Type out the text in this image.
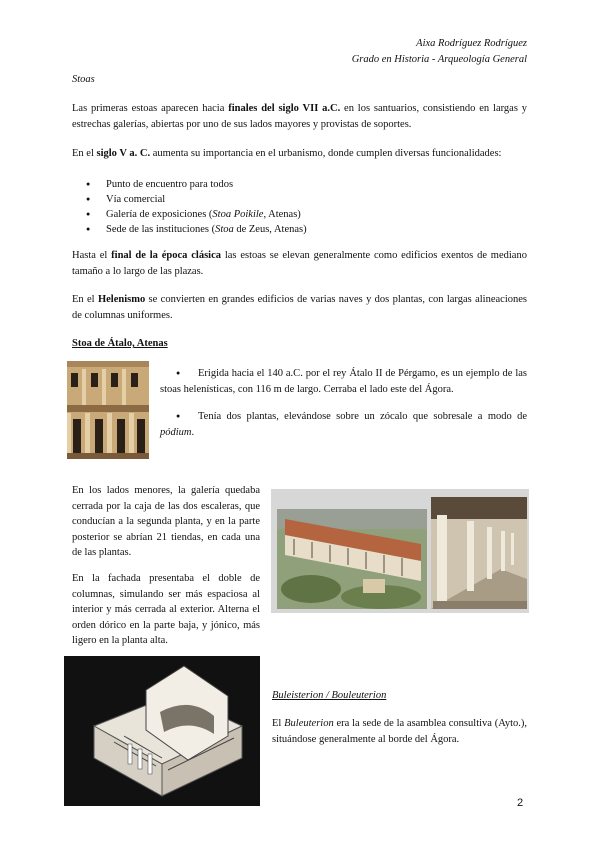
Aixa Rodríguez Rodríguez
Grado en Historia - Arqueología General
Stoas
Las primeras estoas aparecen hacia finales del siglo VII a.C. en los santuarios, consistiendo en largas y estrechas galerías, abiertas por uno de sus lados mayores y provistas de soportes.
En el siglo V a. C. aumenta su importancia en el urbanismo, donde cumplen diversas funcionalidades:
● Punto de encuentro para todos
● Vía comercial
● Galería de exposiciones (Stoa Poikile, Atenas)
● Sede de las instituciones (Stoa de Zeus, Atenas)
Hasta el final de la época clásica las estoas se elevan generalmente como edificios exentos de mediano tamaño a lo largo de las plazas.
En el Helenismo se convierten en grandes edificios de varias naves y dos plantas, con largas alineaciones de columnas uniformes.
Stoa de Átalo, Atenas
● Erigida hacia el 140 a.C. por el rey Átalo II de Pérgamo, es un ejemplo de las stoas helenísticas, con 116 m de largo. Cerraba el lado este del Ágora.
● Tenía dos plantas, elevándose sobre un zócalo que sobresale a modo de pódium.
En los lados menores, la galería quedaba cerrada por la caja de las dos escaleras, que conducían a la segunda planta, y en la parte posterior se abrían 21 tiendas, en cada una de las plantas.
En la fachada presentaba el doble de columnas, simulando ser más espaciosa al interior y más cerrada al exterior. Alterna el orden dórico en la parte baja, y jónico, más ligero en la planta alta.
Buleisterion / Bouleuterion
El Buleuterion era la sede de la asamblea consultiva (Ayto.), situándose generalmente al borde del Ágora.
2
